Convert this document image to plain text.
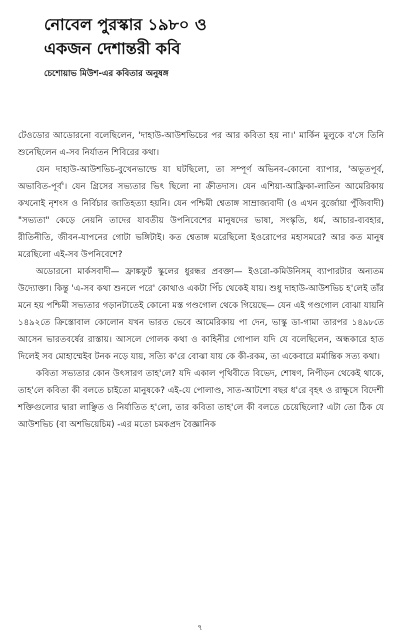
নোবেল পুরস্কার ১৯৮০ ও
একজন দেশান্তরী কবি
চেশোয়াভ মিউশ-এর কবিতার অনুষঙ্গ

টেওডোর আডোরনো বলেছিলেন, 'দাহাউ-আউশভিচের পর আর কবিতা হয় না।' মার্কিন মুলুকে ব'সে তিনি শুনেছিলেন এ-সব নির্যাতন শিবিরের কথা।

যেন দাহাউ-আউশভিচ-বুখেনভাল্ডে যা ঘটছিলো, তা সম্পূর্ণ অভিনব-কোনো ব্যাপার, 'অভূতপূর্ব, অভাবিত-পূর্ব'। যেন গ্রিসের সভ্যতার ভিৎ ছিলো না ক্রীতদাস। যেন এশিয়া-আফ্রিকা-লাতিন আমেরিকায় কখনোই নৃশংস ও নির্বিচার জাতিহত্যা হয়নি। যেন পশ্চিমী শ্বেতাঙ্গ সাম্রাজ্যবাদী (ও এখন বুর্জোয়া পুঁজিবাদী) "সভ্যতা" কেড়ে নেয়নি তাদের যাবতীয় উপনিবেশের মানুষদের ভাষা, সংস্কৃতি, ধর্ম, আচার-ব্যবহার, রীতিনীতি, জীবন-যাপনের গোটা ভঙ্গিটাই। কত শ্বেতাঙ্গ মরেছিলো ইওরোপের মহাসমরে? আর কত মানুষ মরেছিলো এই-সব উপনিবেশে?

অডোরনো মার্কসবাদী— ফ্রাঙ্কফুর্ট স্কুলের ধুরন্ধর প্রবক্তা— ইওরো-কমিউনিসম্ ব্যাপারটার অন্যতম উদ্যোক্তা। কিন্তু 'এ-সব কথা শুনলে পরে' কোথাও একটা পিঁচ থেকেই যায়। শুধু দাহাউ-আউশভিচ হ'লেই তাঁর মনে হয় পশ্চিমী সভ্যতার গড়ানটাতেই কোনো মস্ত গণ্ডগোল থেকে গিয়েছে— যেন এই গণ্ডগোল বোঝা যায়নি ১৪৯২তে ক্রিস্তোবাল কোলোন যখন ভারত ভেবে আমেরিকায় পা দেন, ভাস্কু ডা-গামা তারপর ১৪৯৮তে আসেন ভারতবর্ষের রাস্তায়। আসলে গোলক কথা ও কাহিনীর গোপাল যদি যে বলেছিলেন, অন্ধকারে হাত দিলেই সব মোহাম্মেইব টনক নড়ে যায়, সত্যি ক'রে বোঝা যায় কে কী-রকম, তা একেবারে মর্মান্তিক সত্য কথা।

কবিতা সভ্যতার কোন উৎসারণ তাহ'লে? যদি একাল পৃথিবীতে বিভেদ, শোষণ, নিপীড়ন থেকেই থাকে, তাহ'লে কবিতা কী বলতে চাইতো মানুষকে? এই-যে পোলাণ্ড, সাত-আটশো বছর ধ'রে বৃহৎ ও রাক্ষুসে বিদেশী শক্তিগুলোর দ্বারা লাঞ্ছিত ও নির্যাতিত হ'লো, তার কবিতা তাহ'লে কী বলতে চেয়েছিলো? এটা তো ঠিক যে আউশভিচ (বা অশভিয়েচিম) -এর মতো চমকপ্রদ বৈজ্ঞানিক

৭
